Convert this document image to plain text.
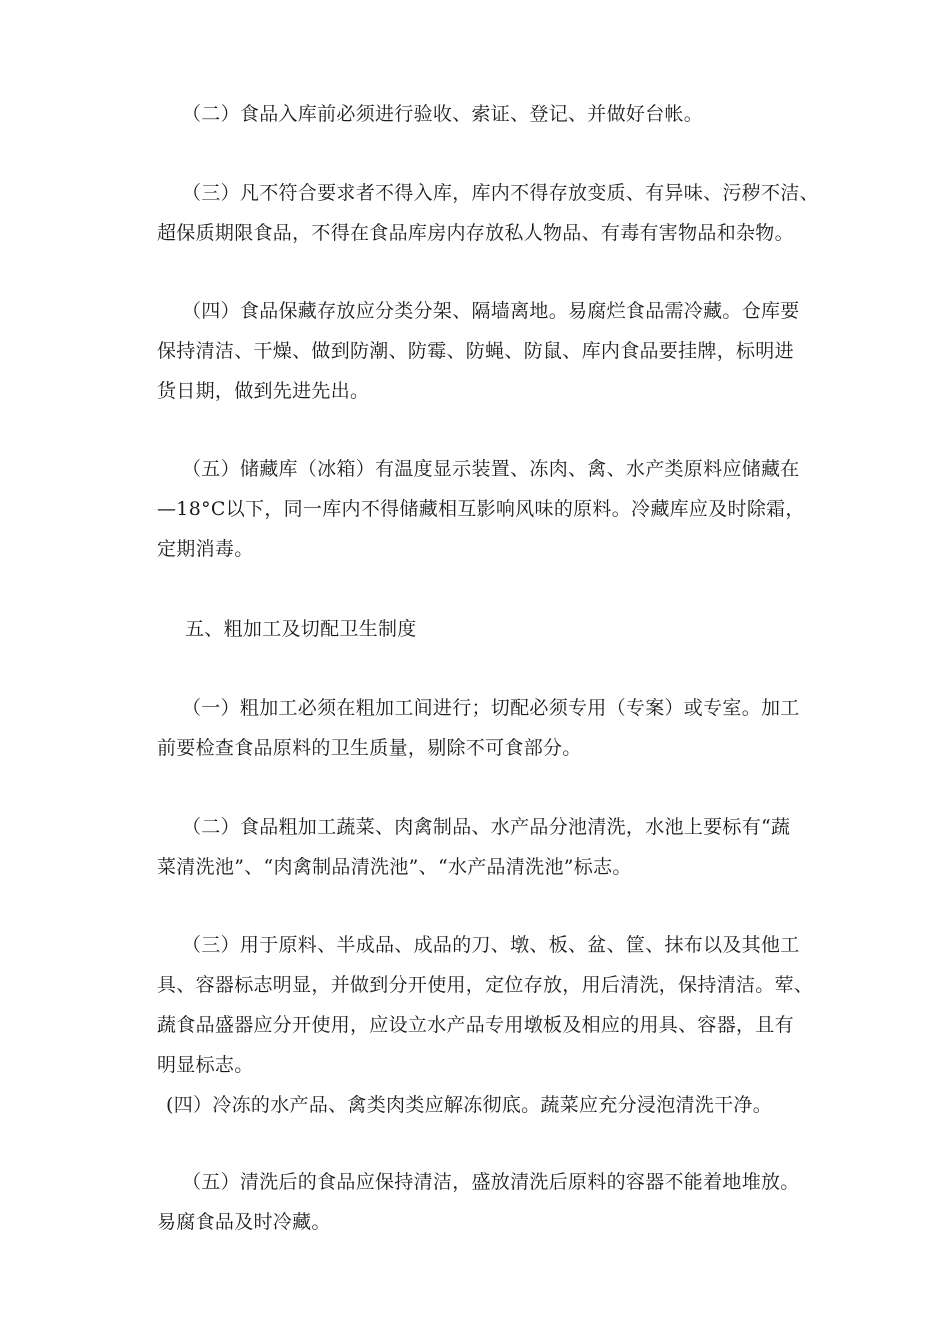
（二）食品入库前必须进行验收、索证、登记、并做好台帐。
（三）凡不符合要求者不得入库，库内不得存放变质、有异味、污秽不洁、
超保质期限食品，不得在食品库房内存放私人物品、有毒有害物品和杂物。
（四）食品保藏存放应分类分架、隔墙离地。易腐烂食品需冷藏。仓库要
保持清洁、干燥、做到防潮、防霉、防蝇、防鼠、库内食品要挂牌，标明进
货日期，做到先进先出。
（五）储藏库（冰箱）有温度显示装置、冻肉、禽、水产类原料应储藏在
—18°C以下，同一库内不得储藏相互影响风味的原料。冷藏库应及时除霜，
定期消毒。
五、粗加工及切配卫生制度
（一）粗加工必须在粗加工间进行；切配必须专用（专案）或专室。加工
前要检查食品原料的卫生质量，剔除不可食部分。
（二）食品粗加工蔬菜、肉禽制品、水产品分池清洗，水池上要标有“蔬
菜清洗池”、“肉禽制品清洗池”、“水产品清洗池”标志。
（三）用于原料、半成品、成品的刀、墩、板、盆、筐、抹布以及其他工
具、容器标志明显，并做到分开使用，定位存放，用后清洗，保持清洁。荤、
蔬食品盛器应分开使用，应设立水产品专用墩板及相应的用具、容器，且有
明显标志。
(四）冷冻的水产品、禽类肉类应解冻彻底。蔬菜应充分浸泡清洗干净。
（五）清洗后的食品应保持清洁，盛放清洗后原料的容器不能着地堆放。
易腐食品及时冷藏。
